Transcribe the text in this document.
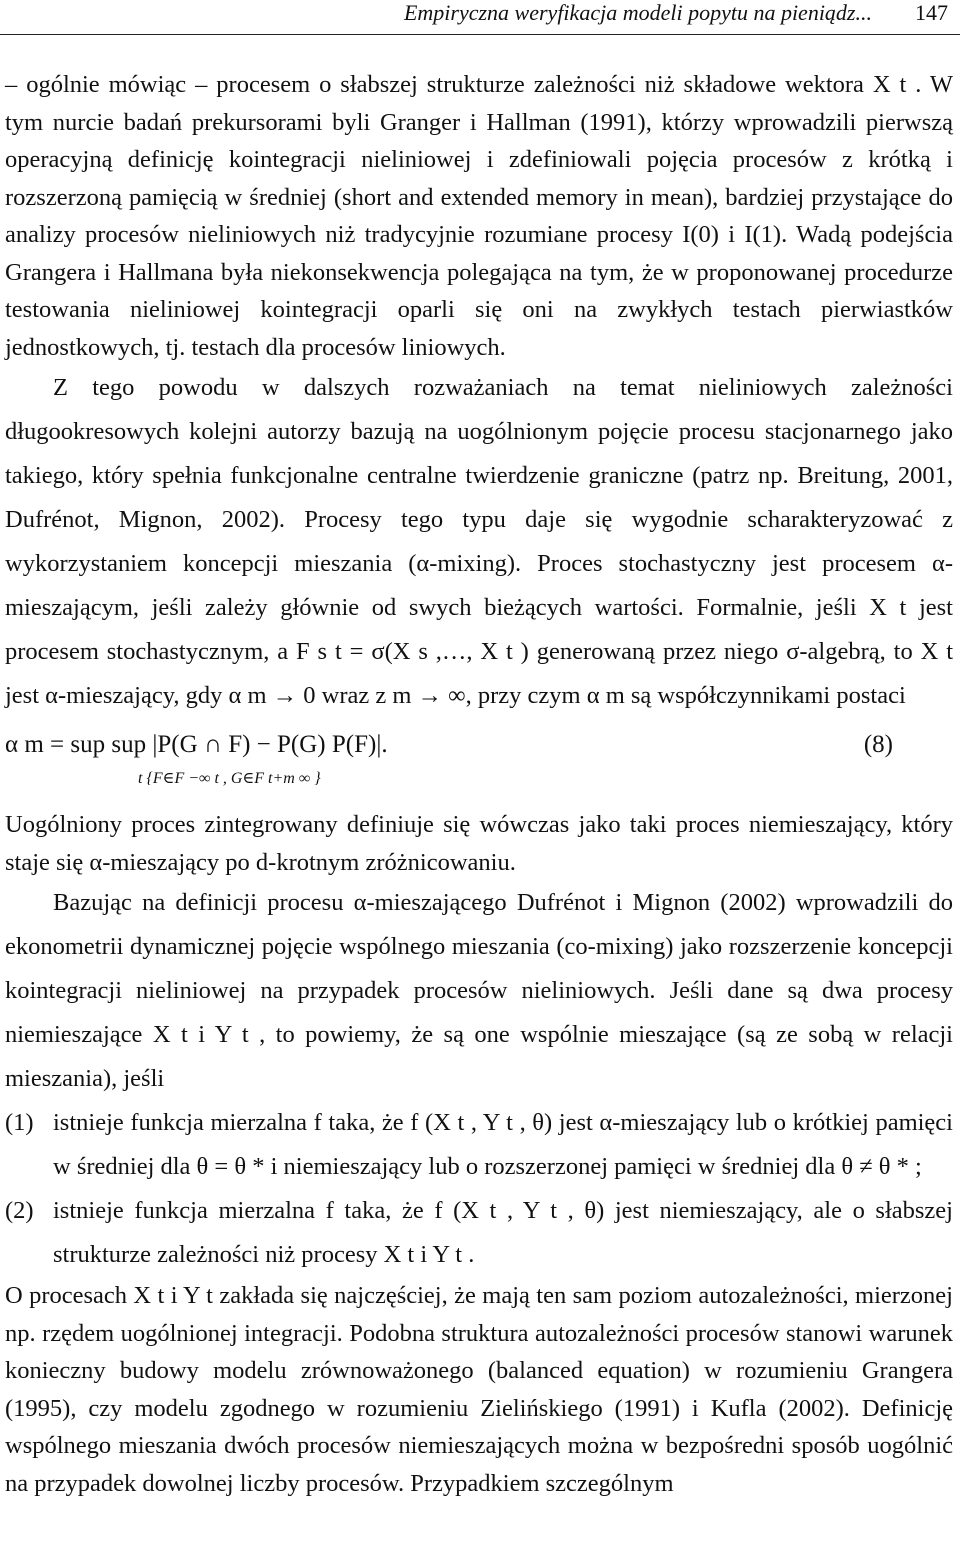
Empiryczna weryfikacja modeli popytu na pieniądz... 147

– ogólnie mówiąc – procesem o słabszej strukturze zależności niż składowe wektora X t . W tym nurcie badań prekursorami byli Granger i Hallman (1991), którzy wprowadzili pierwszą operacyjną definicję kointegracji nieliniowej i zdefiniowali pojęcia procesów z krótką i rozszerzoną pamięcią w średniej (short and extended memory in mean), bardziej przystające do analizy procesów nieliniowych niż tradycyjnie rozumiane procesy I(0) i I(1). Wadą podejścia Grangera i Hallmana była niekonsekwencja polegająca na tym, że w proponowanej procedurze testowania nieliniowej kointegracji oparli się oni na zwykłych testach pierwiastków jednostkowych, tj. testach dla procesów liniowych.

Z tego powodu w dalszych rozważaniach na temat nieliniowych zależności długookresowych kolejni autorzy bazują na uogólnionym pojęcie procesu stacjonarnego jako takiego, który spełnia funkcjonalne centralne twierdzenie graniczne (patrz np. Breitung, 2001, Dufrénot, Mignon, 2002). Procesy tego typu daje się wygodnie scharakteryzować z wykorzystaniem koncepcji mieszania (α-mixing). Proces stochastyczny jest procesem α-mieszającym, jeśli zależy głównie od swych bieżących wartości. Formalnie, jeśli X t jest procesem stochastycznym, a F s t = σ(X s ,…, X t ) generowaną przez niego σ-algebrą, to X t jest α-mieszający, gdy α m → 0 wraz z m → ∞, przy czym α m są współczynnikami postaci

α m = sup sup |P(G ∩ F) − P(G) P(F)|.
t {F∈F −∞ t , G∈F t+m ∞ }
(8)

Uogólniony proces zintegrowany definiuje się wówczas jako taki proces niemieszający, który staje się α-mieszający po d-krotnym zróżnicowaniu.

Bazując na definicji procesu α-mieszającego Dufrénot i Mignon (2002) wprowadzili do ekonometrii dynamicznej pojęcie wspólnego mieszania (co-mixing) jako rozszerzenie koncepcji kointegracji nieliniowej na przypadek procesów nieliniowych. Jeśli dane są dwa procesy niemieszające X t i Y t , to powiemy, że są one wspólnie mieszające (są ze sobą w relacji mieszania), jeśli

(1) istnieje funkcja mierzalna f taka, że f (X t , Y t , θ) jest α-mieszający lub o krótkiej pamięci w średniej dla θ = θ * i niemieszający lub o rozszerzonej pamięci w średniej dla θ ≠ θ * ;
(2) istnieje funkcja mierzalna f taka, że f (X t , Y t , θ) jest niemieszający, ale o słabszej strukturze zależności niż procesy X t i Y t .

O procesach X t i Y t zakłada się najczęściej, że mają ten sam poziom autozależności, mierzonej np. rzędem uogólnionej integracji. Podobna struktura autozależności procesów stanowi warunek konieczny budowy modelu zrównoważonego (balanced equation) w rozumieniu Grangera (1995), czy modelu zgodnego w rozumieniu Zielińskiego (1991) i Kufla (2002). Definicję wspólnego mieszania dwóch procesów niemieszających można w bezpośredni sposób uogólnić na przypadek dowolnej liczby procesów. Przypadkiem szczególnym
